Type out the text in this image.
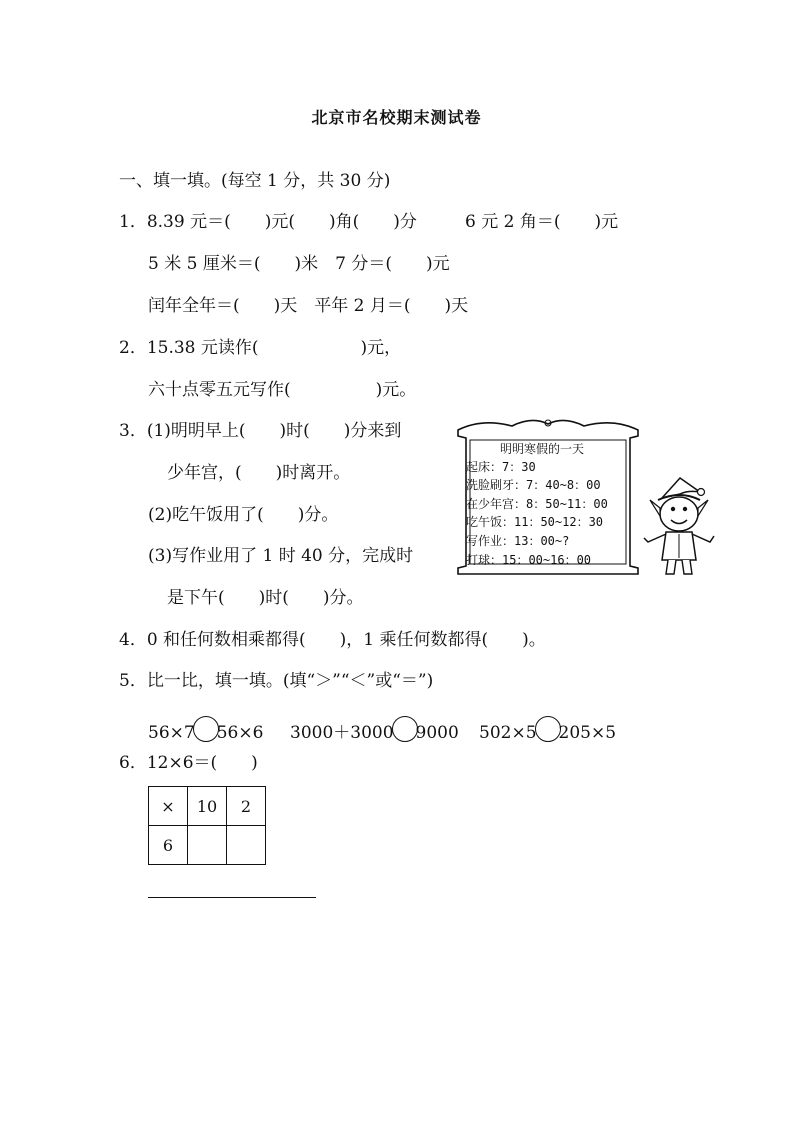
北京市名校期末测试卷
一、填一填。(每空 1 分，共 30 分)
1．8.39 元＝(　　)元(　　)角(　　)分	6 元 2 角＝(　　)元
5 米 5 厘米＝(　　)米　7 分＝(　　)元
闰年全年＝(　　)天　平年 2 月＝(　　)天
2．15.38 元读作(　　　　　　)元，
六十点零五元写作(　　　　　)元。
3．(1)明明早上(　　)时(　　)分来到
少年宫，(　　)时离开。
(2)吃午饭用了(　　)分。
(3)写作业用了 1 时 40 分，完成时
是下午(　　)时(　　)分。
明明寒假的一天
起床：7：30
洗脸刷牙：7：40~8：00
在少年宫：8：50~11：00
吃午饭：11：50~12：30
写作业：13：00~?
打球：15：00~16：00
4．0 和任何数相乘都得(　　)，1 乘任何数都得(　　)。
5．比一比，填一填。(填“＞”“＜”或“＝”)
56×7 56×6 3000＋3000 9000 502×5 205×5
6．12×6＝(　　)
×	10	2
6		
